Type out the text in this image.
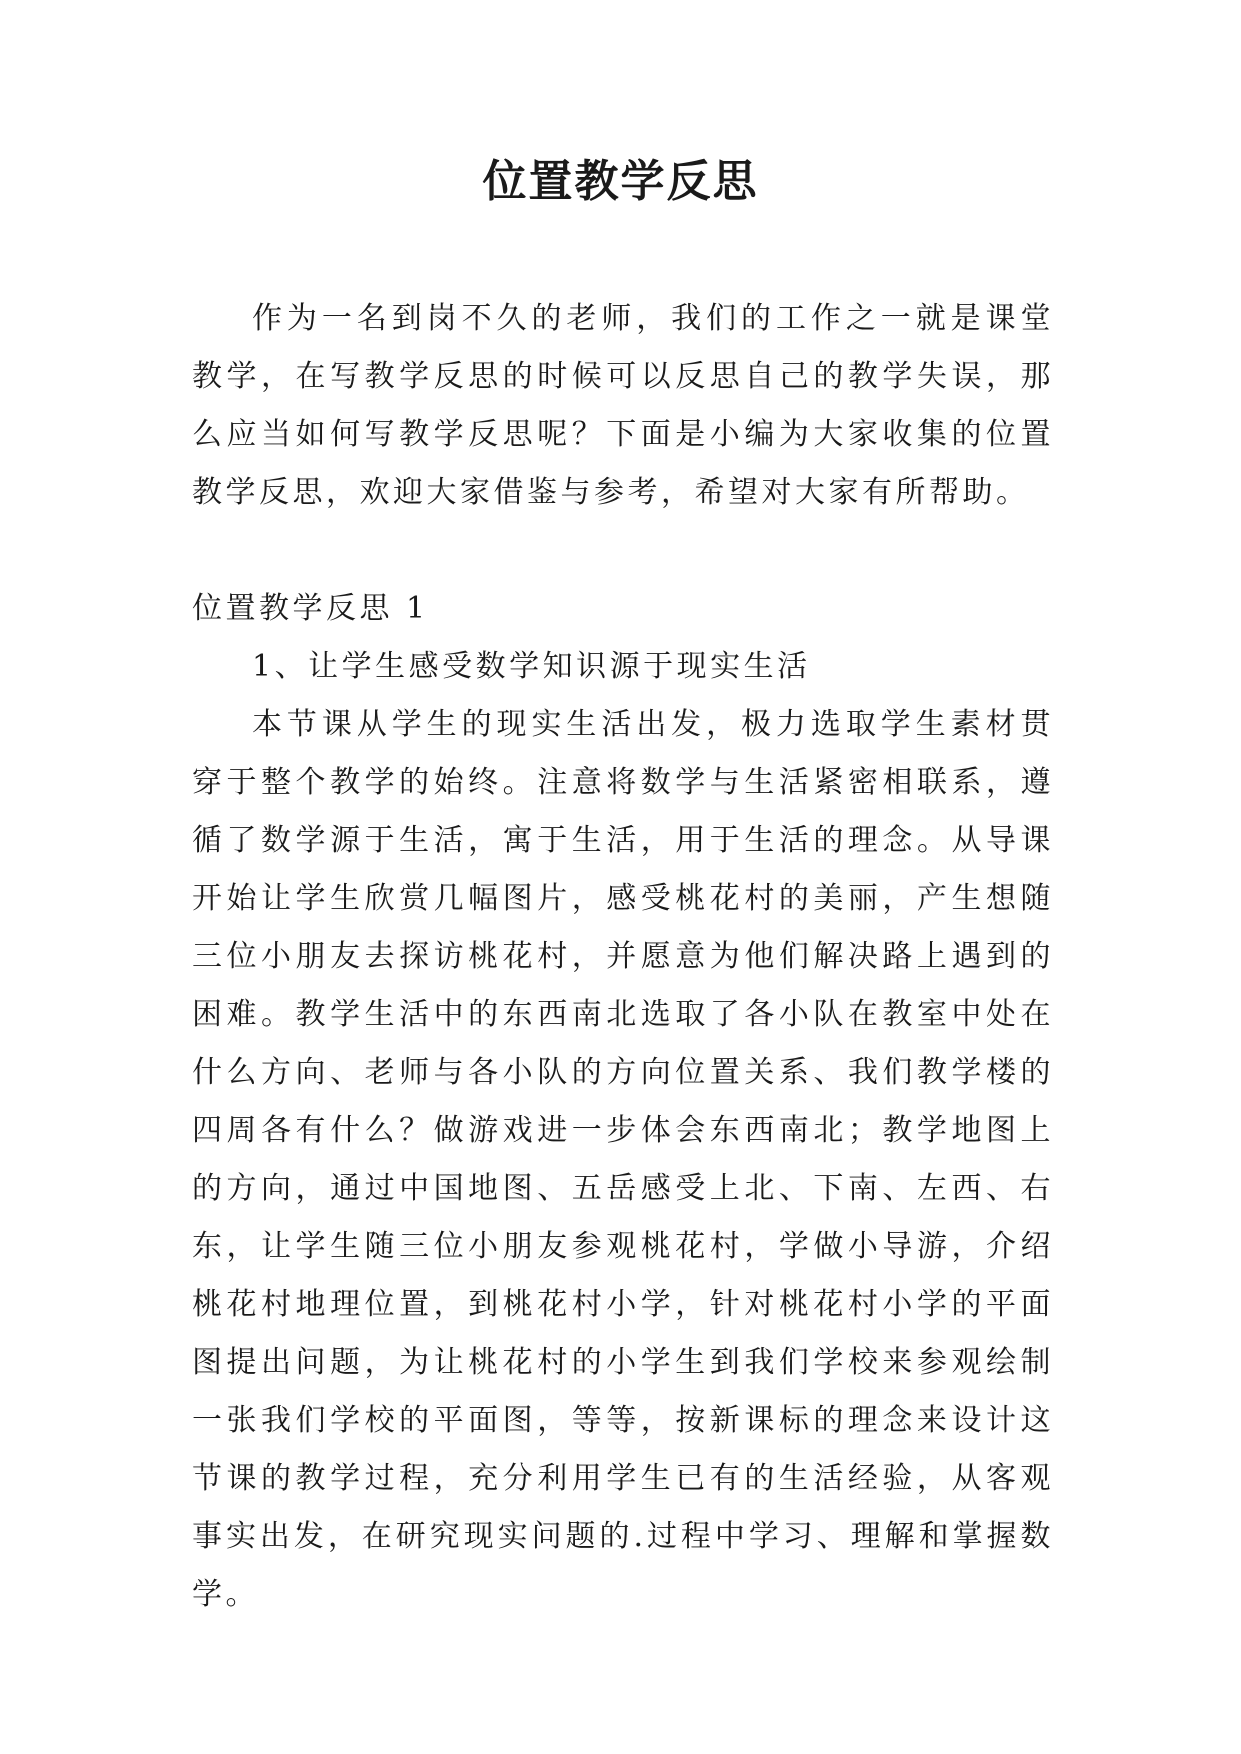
位置教学反思

作为一名到岗不久的老师，我们的工作之一就是课堂教学，在写教学反思的时候可以反思自己的教学失误，那么应当如何写教学反思呢？下面是小编为大家收集的位置教学反思，欢迎大家借鉴与参考，希望对大家有所帮助。

位置教学反思 1

1、让学生感受数学知识源于现实生活

本节课从学生的现实生活出发，极力选取学生素材贯穿于整个教学的始终。注意将数学与生活紧密相联系，遵循了数学源于生活，寓于生活，用于生活的理念。从导课开始让学生欣赏几幅图片，感受桃花村的美丽，产生想随三位小朋友去探访桃花村，并愿意为他们解决路上遇到的困难。教学生活中的东西南北选取了各小队在教室中处在什么方向、老师与各小队的方向位置关系、我们教学楼的四周各有什么？做游戏进一步体会东西南北；教学地图上的方向，通过中国地图、五岳感受上北、下南、左西、右东，让学生随三位小朋友参观桃花村，学做小导游，介绍桃花村地理位置，到桃花村小学，针对桃花村小学的平面图提出问题，为让桃花村的小学生到我们学校来参观绘制一张我们学校的平面图，等等，按新课标的理念来设计这节课的教学过程，充分利用学生已有的生活经验，从客观事实出发，在研究现实问题的.过程中学习、理解和掌握数学。
